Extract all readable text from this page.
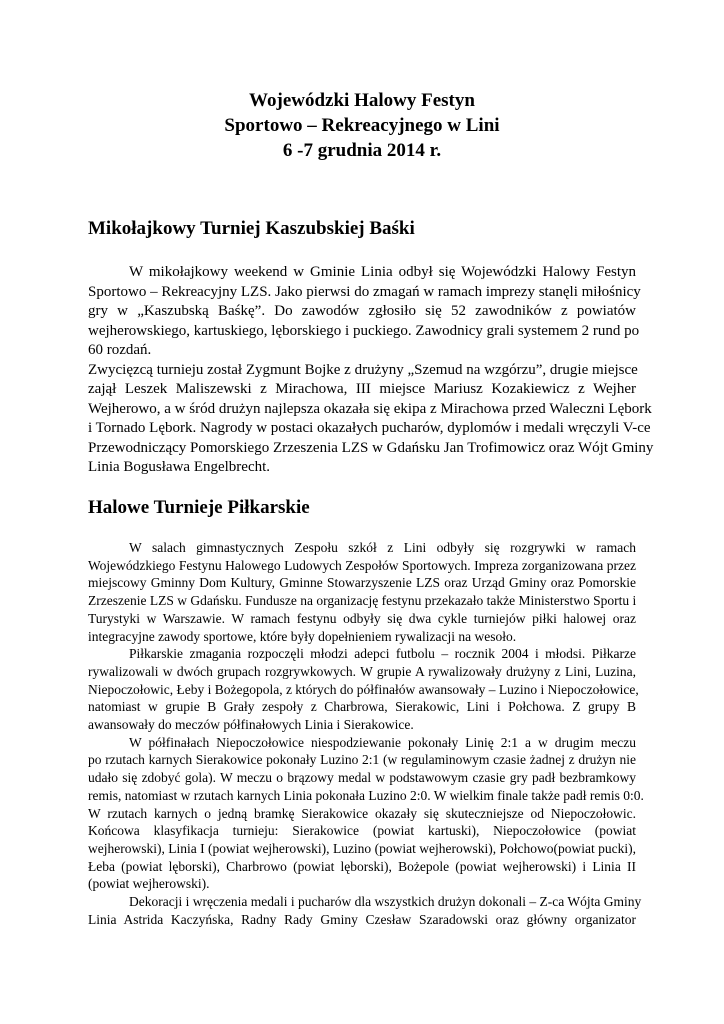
Wojewódzki Halowy Festyn
Sportowo – Rekreacyjnego w Lini
6 -7 grudnia 2014 r.
Mikołajkowy Turniej Kaszubskiej Baśki
W mikołajkowy weekend w Gminie Linia odbył się Wojewódzki Halowy Festyn
Sportowo – Rekreacyjny LZS. Jako pierwsi do zmagań w ramach imprezy stanęli miłośnicy
gry w „Kaszubską Baśkę”. Do zawodów zgłosiło się 52 zawodników z powiatów
wejherowskiego, kartuskiego, lęborskiego i puckiego. Zawodnicy grali systemem 2 rund po
60 rozdań.
Zwycięzcą turnieju został Zygmunt Bojke z drużyny „Szemud na wzgórzu”, drugie miejsce
zajął Leszek Maliszewski z Mirachowa, III miejsce Mariusz Kozakiewicz z Wejher
Wejherowo, a w śród drużyn najlepsza okazała się ekipa z Mirachowa przed Waleczni Lębork
i Tornado Lębork. Nagrody w postaci okazałych pucharów, dyplomów i medali wręczyli V-ce
Przewodniczący Pomorskiego Zrzeszenia LZS w Gdańsku Jan Trofimowicz oraz Wójt Gminy
Linia Bogusława Engelbrecht.
Halowe Turnieje Piłkarskie
W salach gimnastycznych Zespołu szkół z Lini odbyły się rozgrywki w ramach
Wojewódzkiego Festynu Halowego Ludowych Zespołów Sportowych. Impreza zorganizowana przez
miejscowy Gminny Dom Kultury, Gminne Stowarzyszenie LZS oraz Urząd Gminy oraz Pomorskie
Zrzeszenie LZS w Gdańsku. Fundusze na organizację festynu przekazało także Ministerstwo Sportu i
Turystyki w Warszawie. W ramach festynu odbyły się dwa cykle turniejów piłki halowej oraz
integracyjne zawody sportowe, które były dopełnieniem rywalizacji na wesoło.
Piłkarskie zmagania rozpoczęli młodzi adepci futbolu – rocznik 2004 i młodsi. Piłkarze
rywalizowali w dwóch grupach rozgrywkowych. W grupie A rywalizowały drużyny z Lini, Luzina,
Niepoczołowic, Łeby i Bożegopola, z których do półfinałów awansowały – Luzino i Niepoczołowice,
natomiast w grupie B Grały zespoły z Charbrowa, Sierakowic, Lini i Połchowa. Z grupy B
awansowały do meczów półfinałowych Linia i Sierakowice.
W półfinałach Niepoczołowice niespodziewanie pokonały Linię 2:1 a w drugim meczu
po rzutach karnych Sierakowice pokonały Luzino 2:1 (w regulaminowym czasie żadnej z drużyn nie
udało się zdobyć gola). W meczu o brązowy medal w podstawowym czasie gry padł bezbramkowy
remis, natomiast w rzutach karnych Linia pokonała Luzino 2:0. W wielkim finale także padł remis 0:0.
W rzutach karnych o jedną bramkę Sierakowice okazały się skuteczniejsze od Niepoczołowic.
Końcowa klasyfikacja turnieju: Sierakowice (powiat kartuski), Niepoczołowice (powiat
wejherowski), Linia I (powiat wejherowski), Luzino (powiat wejherowski), Połchowo(powiat pucki),
Łeba (powiat lęborski), Charbrowo (powiat lęborski), Bożepole (powiat wejherowski) i Linia II
(powiat wejherowski).
Dekoracji i wręczenia medali i pucharów dla wszystkich drużyn dokonali – Z-ca Wójta Gminy
Linia Astrida Kaczyńska, Radny Rady Gminy Czesław Szaradowski oraz główny organizator
